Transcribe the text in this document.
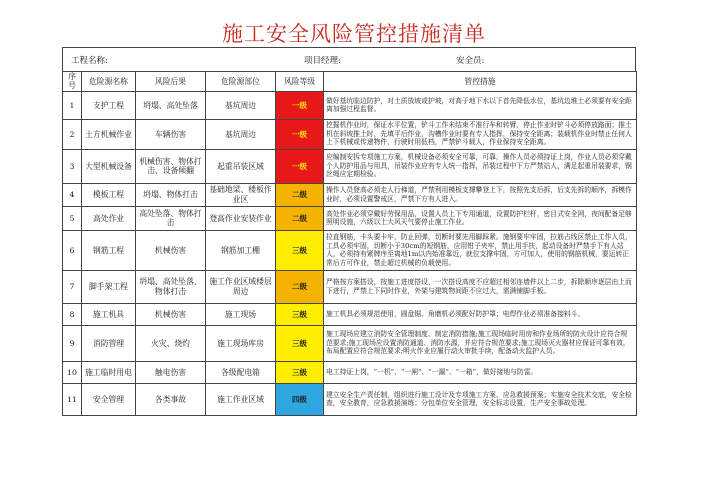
施工安全风险管控措施清单
工程名称:	项目经理:	安全员:
序号	危险源名称	风险后果	危险源部位	风险等级	管控措施
1	支护工程	坍塌、高处坠落	基坑周边	一级	做好基坑临边防护，对土质放坡或护坡，对高于地下水以下首先降低水位，基坑边堆土必须要有安全距离加强过程监督。
2	土方机械作业	车辆伤害	基坑周边	一级	挖掘机作业时，保证水平位置，铲斗工作未结束不准行车和转臂，停止作业时铲斗必须停放路面；推土机在斜坡推土时，先填平后作业，沟槽作业时要有专人指挥，保持安全距离；装载机作业时禁止任何人上下机械或传递物件，行驶时用低档，严禁铲斗载人，作业保持安全距离。
3	大型机械设备	机械伤害、物体打击、设备倾翻	起重吊装区域	一级	应编制安拆专项施工方案，机械设备必须安全可靠，可靠，操作人员必须持证上岗，作业人员必须穿戴个人防护用品与用具，吊装作业应有专人统一指挥，吊装过程中下方严禁站人，满足起重吊装要求，钢丝绳应定期检验。
4	模板工程	坍塌、物体打击	基础地梁、楼板作业区	二级	操作人员登高必须走人行梯道，严禁利用模板支撑攀登上下，按照先支后拆，后支先拆的顺序，拆模作业时，必须设置警戒区，严禁下方有人进入。
5	高处作业	高处坠落、物体打击	登高作业安装作业	二级	高处作业必须穿戴好劳保用品，设置人员上下专用通道，设置防护栏杆，密目式安全网，夜间配备足够照明设施，六级以上大风天气要停止施工作业。
6	钢筋工程	机械伤害	钢筋加工棚	三级	拉直钢筋，卡头要卡牢，防止回弹，切断时要先用脚踩紧。施钢要牢牢固，拉筋占线区禁止工作人员，工具必须牢固，切断小于30cm的短钢筋，应用钳子夹牢，禁止用手扶，起动设备时严禁手下有人站人，必须持有紧牌序至离地1m以内始准靠近，就位支撑牢固，方可加人，使用的钢筋机械，要运转正常后方可作业，禁止超过机械的负载使用。
7	脚手架工程	坍塌、高处坠落、物体打击	施工作业区域楼层周边	二级	严格按方案搭设，按施工进度搭设，一次搭设高度不应超过相邻连墙件以上二步，拆除顺序逐层由上而下进行，严禁上下同时作业，外架与建筑物间距不应过大，需满铺脚手板。
8	施工机具	机械伤害	施工现场	三级	施工机具必须规范使用，圆盘锯、角磨机必须配好防护罩；电焊作业必须准备接料斗。
9	消防管理	火灾、烧灼	施工现场库房	三级	施工现场应建立消防安全管理制度、制定消防措施;施工现场临时用房和作业场所的防火设计应符合规范要求;施工现场应设置消防通道、消防水源，并应符合规范要求;施工现场灭火器材应保证可靠有效，布局配置应符合规范要求;明火作业应履行动火审批手续，配备动火监护人员。
10	施工临时用电	触电伤害	各级配电箱	三级	电工持证上岗，“一机”、“一闸”、“一漏”、“一箱”，做好接地与防雷。
11	安全管理	各类事故	施工作业区域	四级	建立安全生产责任制，组织进行施工设计及专项施工方案、应急救援预案；实施安全技术交底，安全检查，安全教育，应急救援演练；分包单位安全管理，安全标志设置，生产安全事故处理。
